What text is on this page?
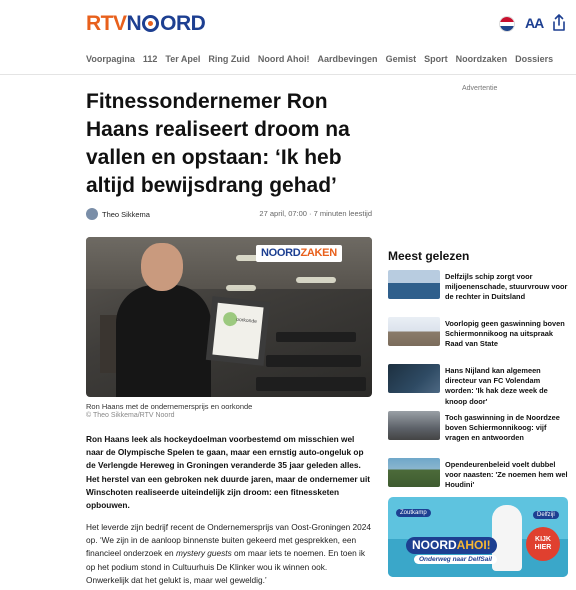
RTVN ORD	AA
Voorpagina 112 Ter Apel Ring Zuid Noord Ahoi! Aardbevingen Gemist Sport Noordzaken Dossiers
Advertentie
Fitnessondernemer Ron Haans realiseert droom na vallen en opstaan: ‘Ik heb altijd bewijsdrang gehad’
Theo Sikkema	27 april, 07:00 · 7 minuten leestijd
oorkonde
NOORDZAKEN
Ron Haans met de ondernemersprijs en oorkonde
© Theo Sikkema/RTV Noord

Ron Haans leek als hockeydoelman voorbestemd om misschien wel naar de Olympische Spelen te gaan, maar een ernstig auto-ongeluk op de Verlengde Hereweg in Groningen veranderde 35 jaar geleden alles. Het herstel van een gebroken nek duurde jaren, maar de ondernemer uit Winschoten realiseerde uiteindelijk zijn droom: een fitnessketen opbouwen.

Het leverde zijn bedrijf recent de Ondernemersprijs van Oost-Groningen 2024 op. ‘We zijn in de aanloop binnenste buiten gekeerd met gesprekken, een financieel onderzoek en mystery guests om maar iets te noemen. En toen ik op het podium stond in Cultuurhuis De Klinker wou ik winnen ook. Onwerkelijk dat het gelukt is, maar wel geweldig.’

Meest gelezen
Delfzijls schip zorgt voor miljoenenschade, stuurvrouw voor de rechter in Duitsland
Voorlopig geen gaswinning boven Schiermonnikoog na uitspraak Raad van State
Hans Nijland kan algemeen directeur van FC Volendam worden: 'Ik hak deze week de knoop door'
Toch gaswinning in de Noordzee boven Schiermonnikoog: vijf vragen en antwoorden
Opendeurenbeleid voelt dubbel voor naasten: 'Ze noemen hem wel Houdini'
Zoutkamp	Delfzijl
NOORDAHOI!
Onderweg naar DelfSail
KIJK HIER
